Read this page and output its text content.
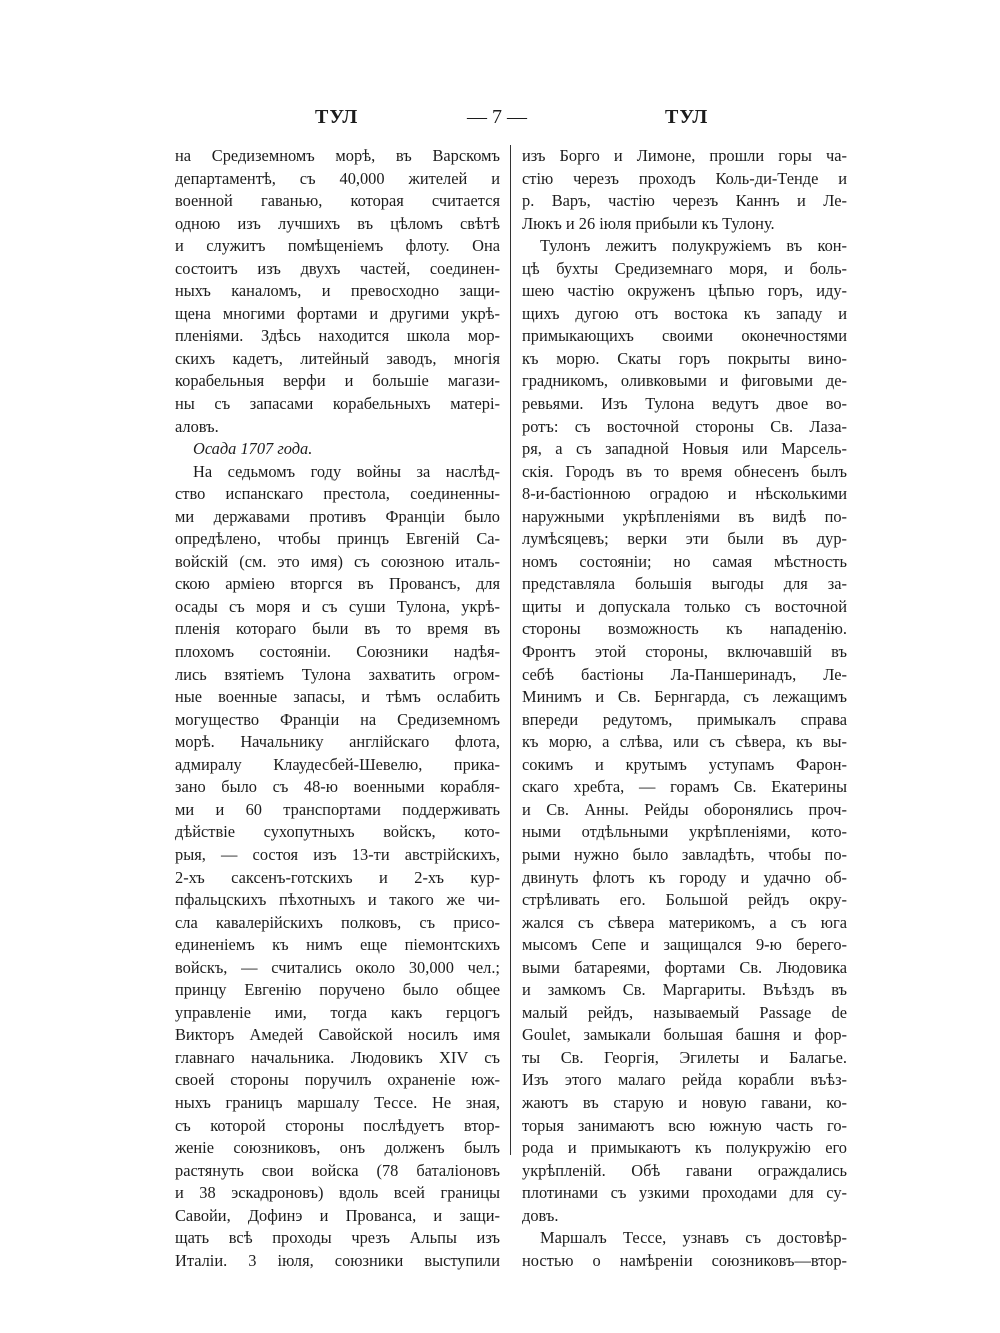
ТУЛ	— 7 —	ТУЛ
на Средиземномъ морѣ, въ Варскомъ
департаментѣ, съ 40,000 жителей и
военной гаванью, которая считается
одною изъ лучшихъ въ цѣломъ свѣтѣ
и служитъ помѣщеніемъ флоту. Она
состоитъ изъ двухъ частей, соединен-
ныхъ каналомъ, и превосходно защи-
щена многими фортами и другими укрѣ-
пленіями. Здѣсь находится школа мор-
скихъ кадетъ, литейный заводъ, многія
корабельныя верфи и большіе магази-
ны съ запасами корабельныхъ матері-
аловъ.
Осада 1707 года.
На седьмомъ году войны за наслѣд-
ство испанскаго престола, соединенны-
ми державами противъ Франціи было
опредѣлено, чтобы принцъ Евгеній Са-
войскій (см. это имя) съ союзною италь-
скою арміею вторгся въ Провансъ, для
осады съ моря и съ суши Тулона, укрѣ-
пленія котораго были въ то время въ
плохомъ состояніи. Союзники надѣя-
лись взятіемъ Тулона захватить огром-
ные военные запасы, и тѣмъ ослабить
могущество Франціи на Средиземномъ
морѣ. Начальнику англійскаго флота,
адмиралу Клаудесбей-Шевелю, прика-
зано было съ 48-ю военными корабля-
ми и 60 транспортами поддерживать
дѣйствіе сухопутныхъ войскъ, кото-
рыя, — состоя изъ 13-ти австрійскихъ,
2-хъ саксенъ-готскихъ и 2-хъ кур-
пфальцскихъ пѣхотныхъ и такого же чи-
сла кавалерійскихъ полковъ, съ присо-
единеніемъ къ нимъ еще піемонтскихъ
войскъ, — считались около 30,000 чел.;
принцу Евгенію поручено было общее
управленіе ими, тогда какъ герцогъ
Викторъ Амедей Савойской носилъ имя
главнаго начальника. Людовикъ XIV съ
своей стороны поручилъ охраненіе юж-
ныхъ границъ маршалу Тессе. Не зная,
съ которой стороны послѣдуетъ втор-
женіе союзниковъ, онъ долженъ былъ
растянуть свои войска (78 баталіоновъ
и 38 эскадроновъ) вдоль всей границы
Савойи, Дофинэ и Прованса, и защи-
щать всѣ проходы чрезъ Альпы изъ
Италіи. 3 іюля, союзники выступили
изъ Борго и Лимоне, прошли горы ча-
стію черезъ проходъ Коль-ди-Тенде и
р. Варъ, частію черезъ Каннъ и Ле-
Люкъ и 26 іюля прибыли къ Тулону.
Тулонъ лежитъ полукружіемъ въ кон-
цѣ бухты Средиземнаго моря, и боль-
шею частію окруженъ цѣпью горъ, иду-
щихъ дугою отъ востока къ западу и
примыкающихъ своими оконечностями
къ морю. Скаты горъ покрыты вино-
градникомъ, оливковыми и фиговыми де-
ревьями. Изъ Тулона ведутъ двое во-
ротъ: съ восточной стороны Св. Лаза-
ря, а съ западной Новыя или Марсель-
скія. Городъ въ то время обнесенъ былъ
8-и-бастіонною оградою и нѣсколькими
наружными укрѣпленіями въ видѣ по-
лумѣсяцевъ; верки эти были въ дур-
номъ состояніи; но самая мѣстность
представляла большія выгоды для за-
щиты и допускала только съ восточной
стороны возможность къ нападенію.
Фронтъ этой стороны, включавшій въ
себѣ бастіоны Ла-Паншеринадъ, Ле-
Минимъ и Св. Бернгарда, съ лежащимъ
впереди редутомъ, примыкалъ справа
къ морю, а слѣва, или съ сѣвера, къ вы-
сокимъ и крутымъ уступамъ Фарон-
скаго хребта, — горамъ Св. Екатерины
и Св. Анны. Рейды оборонялись проч-
ными отдѣльными укрѣпленіями, кото-
рыми нужно было завладѣть, чтобы по-
двинуть флотъ къ городу и удачно об-
стрѣливать его. Большой рейдъ окру-
жался съ сѣвера материкомъ, а съ юга
мысомъ Сепе и защищался 9-ю берего-
выми батареями, фортами Св. Людовика
и замкомъ Св. Маргариты. Въѣздъ въ
малый рейдъ, называемый Passage de
Goulet, замыкали большая башня и фор-
ты Св. Георгія, Эгилеты и Балагье.
Изъ этого малаго рейда корабли въѣз-
жаютъ въ старую и новую гавани, ко-
торыя занимаютъ всю южную часть го-
рода и примыкаютъ къ полукружію его
укрѣпленій. Обѣ гавани ограждались
плотинами съ узкими проходами для су-
довъ.
Маршалъ Тессе, узнавъ съ достовѣр-
ностью о намѣреніи союзниковъ—втор-
